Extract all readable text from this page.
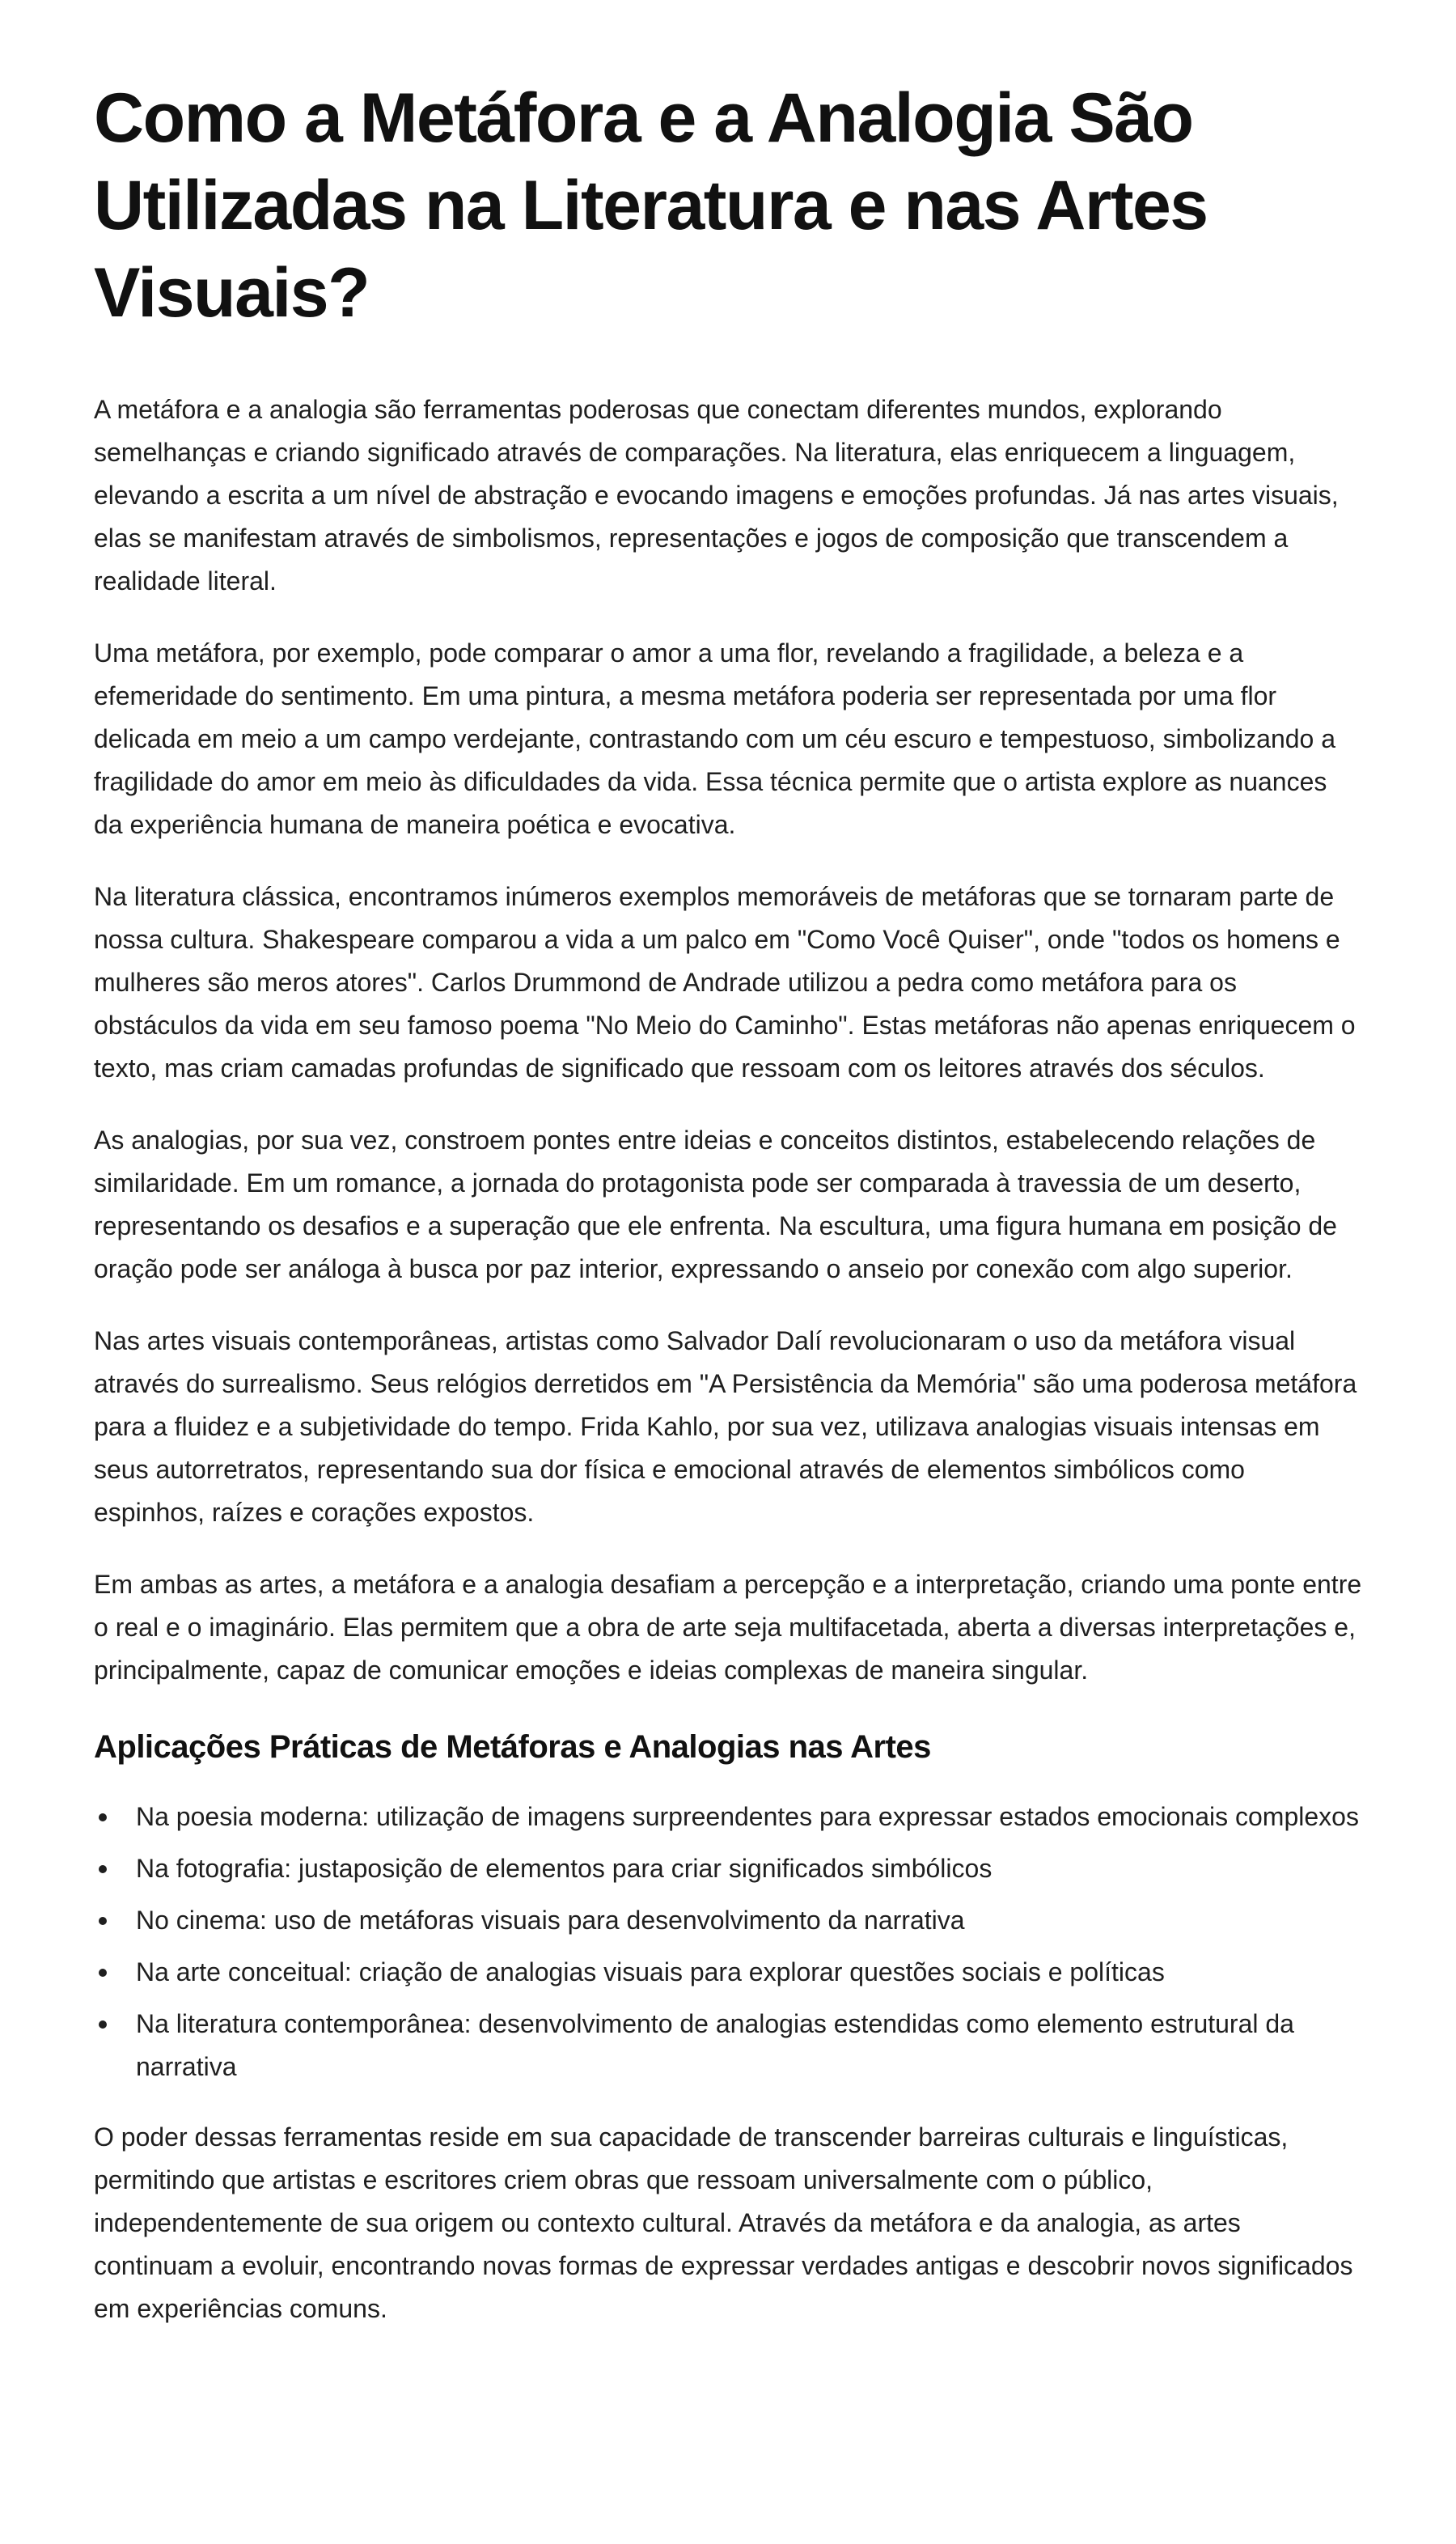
Como a Metáfora e a Analogia São Utilizadas na Literatura e nas Artes Visuais?

A metáfora e a analogia são ferramentas poderosas que conectam diferentes mundos, explorando semelhanças e criando significado através de comparações. Na literatura, elas enriquecem a linguagem, elevando a escrita a um nível de abstração e evocando imagens e emoções profundas. Já nas artes visuais, elas se manifestam através de simbolismos, representações e jogos de composição que transcendem a realidade literal.

Uma metáfora, por exemplo, pode comparar o amor a uma flor, revelando a fragilidade, a beleza e a efemeridade do sentimento. Em uma pintura, a mesma metáfora poderia ser representada por uma flor delicada em meio a um campo verdejante, contrastando com um céu escuro e tempestuoso, simbolizando a fragilidade do amor em meio às dificuldades da vida. Essa técnica permite que o artista explore as nuances da experiência humana de maneira poética e evocativa.

Na literatura clássica, encontramos inúmeros exemplos memoráveis de metáforas que se tornaram parte de nossa cultura. Shakespeare comparou a vida a um palco em "Como Você Quiser", onde "todos os homens e mulheres são meros atores". Carlos Drummond de Andrade utilizou a pedra como metáfora para os obstáculos da vida em seu famoso poema "No Meio do Caminho". Estas metáforas não apenas enriquecem o texto, mas criam camadas profundas de significado que ressoam com os leitores através dos séculos.

As analogias, por sua vez, constroem pontes entre ideias e conceitos distintos, estabelecendo relações de similaridade. Em um romance, a jornada do protagonista pode ser comparada à travessia de um deserto, representando os desafios e a superação que ele enfrenta. Na escultura, uma figura humana em posição de oração pode ser análoga à busca por paz interior, expressando o anseio por conexão com algo superior.

Nas artes visuais contemporâneas, artistas como Salvador Dalí revolucionaram o uso da metáfora visual através do surrealismo. Seus relógios derretidos em "A Persistência da Memória" são uma poderosa metáfora para a fluidez e a subjetividade do tempo. Frida Kahlo, por sua vez, utilizava analogias visuais intensas em seus autorretratos, representando sua dor física e emocional através de elementos simbólicos como espinhos, raízes e corações expostos.

Em ambas as artes, a metáfora e a analogia desafiam a percepção e a interpretação, criando uma ponte entre o real e o imaginário. Elas permitem que a obra de arte seja multifacetada, aberta a diversas interpretações e, principalmente, capaz de comunicar emoções e ideias complexas de maneira singular.

Aplicações Práticas de Metáforas e Analogias nas Artes
Na poesia moderna: utilização de imagens surpreendentes para expressar estados emocionais complexos
Na fotografia: justaposição de elementos para criar significados simbólicos
No cinema: uso de metáforas visuais para desenvolvimento da narrativa
Na arte conceitual: criação de analogias visuais para explorar questões sociais e políticas
Na literatura contemporânea: desenvolvimento de analogias estendidas como elemento estrutural da narrativa

O poder dessas ferramentas reside em sua capacidade de transcender barreiras culturais e linguísticas, permitindo que artistas e escritores criem obras que ressoam universalmente com o público, independentemente de sua origem ou contexto cultural. Através da metáfora e da analogia, as artes continuam a evoluir, encontrando novas formas de expressar verdades antigas e descobrir novos significados em experiências comuns.
